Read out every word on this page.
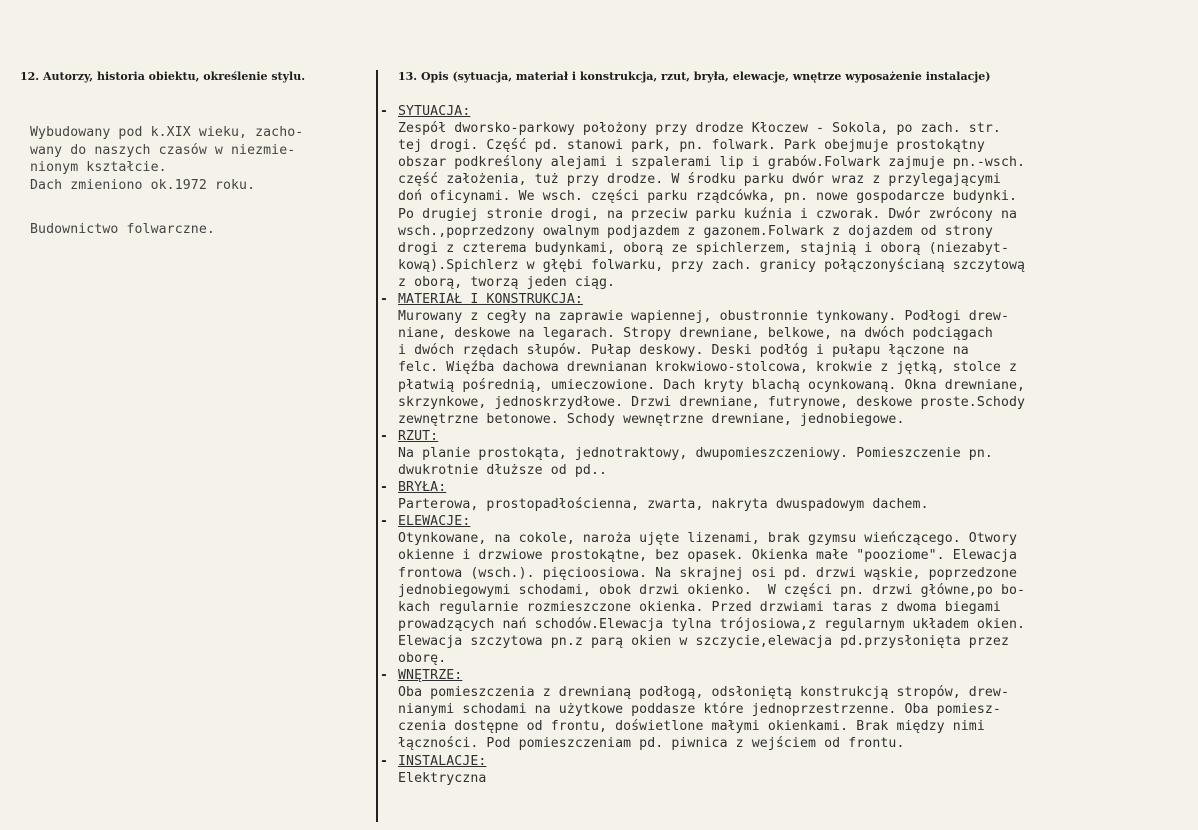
12. Autorzy, historia obiektu, określenie stylu.	13. Opis (sytuacja, materiał i konstrukcja, rzut, bryła, elewacje, wnętrze wyposażenie instalacje)
Wybudowany pod k.XIX wieku, zacho-
wany do naszych czasów w niezmie-
nionym kształcie.
Dach zmieniono ok.1972 roku.
Budownictwo folwarczne.
- SYTUACJA:
Zespół dworsko-parkowy położony przy drodze Kłoczew - Sokola, po zach. str.
tej drogi. Część pd. stanowi park, pn. folwark. Park obejmuje prostokątny
obszar podkreślony alejami i szpalerami lip i grabów.Folwark zajmuje pn.-wsch.
część założenia, tuż przy drodze. W środku parku dwór wraz z przylegającymi
doń oficynami. We wsch. części parku rządcówka, pn. nowe gospodarcze budynki.
Po drugiej stronie drogi, na przeciw parku kuźnia i czworak. Dwór zwrócony na
wsch.,poprzedzony owalnym podjazdem z gazonem.Folwark z dojazdem od strony
drogi z czterema budynkami, oborą ze spichlerzem, stajnią i oborą (niezabyt-
kową).Spichlerz w głębi folwarku, przy zach. granicy połączonyścianą szczytową
z oborą, tworzą jeden ciąg.
- MATERIAŁ I KONSTRUKCJA:
Murowany z cegły na zaprawie wapiennej, obustronnie tynkowany. Podłogi drew-
niane, deskowe na legarach. Stropy drewniane, belkowe, na dwóch podciągach
i dwóch rzędach słupów. Pułap deskowy. Deski podłóg i pułapu łączone na
felc. Więźba dachowa drewnianan krokwiowo-stolcowa, krokwie z jętką, stolce z
płatwią pośrednią, umieczowione. Dach kryty blachą ocynkowaną. Okna drewniane,
skrzynkowe, jednoskrzydłowe. Drzwi drewniane, futrynowe, deskowe proste.Schody
zewnętrzne betonowe. Schody wewnętrzne drewniane, jednobiegowe.
- RZUT:
Na planie prostokąta, jednotraktowy, dwupomieszczeniowy. Pomieszczenie pn.
dwukrotnie dłuższe od pd..
- BRYŁA:
Parterowa, prostopadłościenna, zwarta, nakryta dwuspadowym dachem.
- ELEWACJE:
Otynkowane, na cokole, naroża ujęte lizenami, brak gzymsu wieńczącego. Otwory
okienne i drzwiowe prostokątne, bez opasek. Okienka małe "pooziome". Elewacja
frontowa (wsch.). pięcioosiowa. Na skrajnej osi pd. drzwi wąskie, poprzedzone
jednobiegowymi schodami, obok drzwi okienko.  W części pn. drzwi główne,po bo-
kach regularnie rozmieszczone okienka. Przed drzwiami taras z dwoma biegami
prowadzących nań schodów.Elewacja tylna trójosiowa,z regularnym układem okien.
Elewacja szczytowa pn.z parą okien w szczycie,elewacja pd.przysłonięta przez
oborę.
- WNĘTRZE:
Oba pomieszczenia z drewnianą podłogą, odsłoniętą konstrukcją stropów, drew-
nianymi schodami na użytkowe poddasze które jednoprzestrzenne. Oba pomiesz-
czenia dostępne od frontu, doświetlone małymi okienkami. Brak między nimi
łączności. Pod pomieszczeniam pd. piwnica z wejściem od frontu.
- INSTALACJE:
Elektryczna
